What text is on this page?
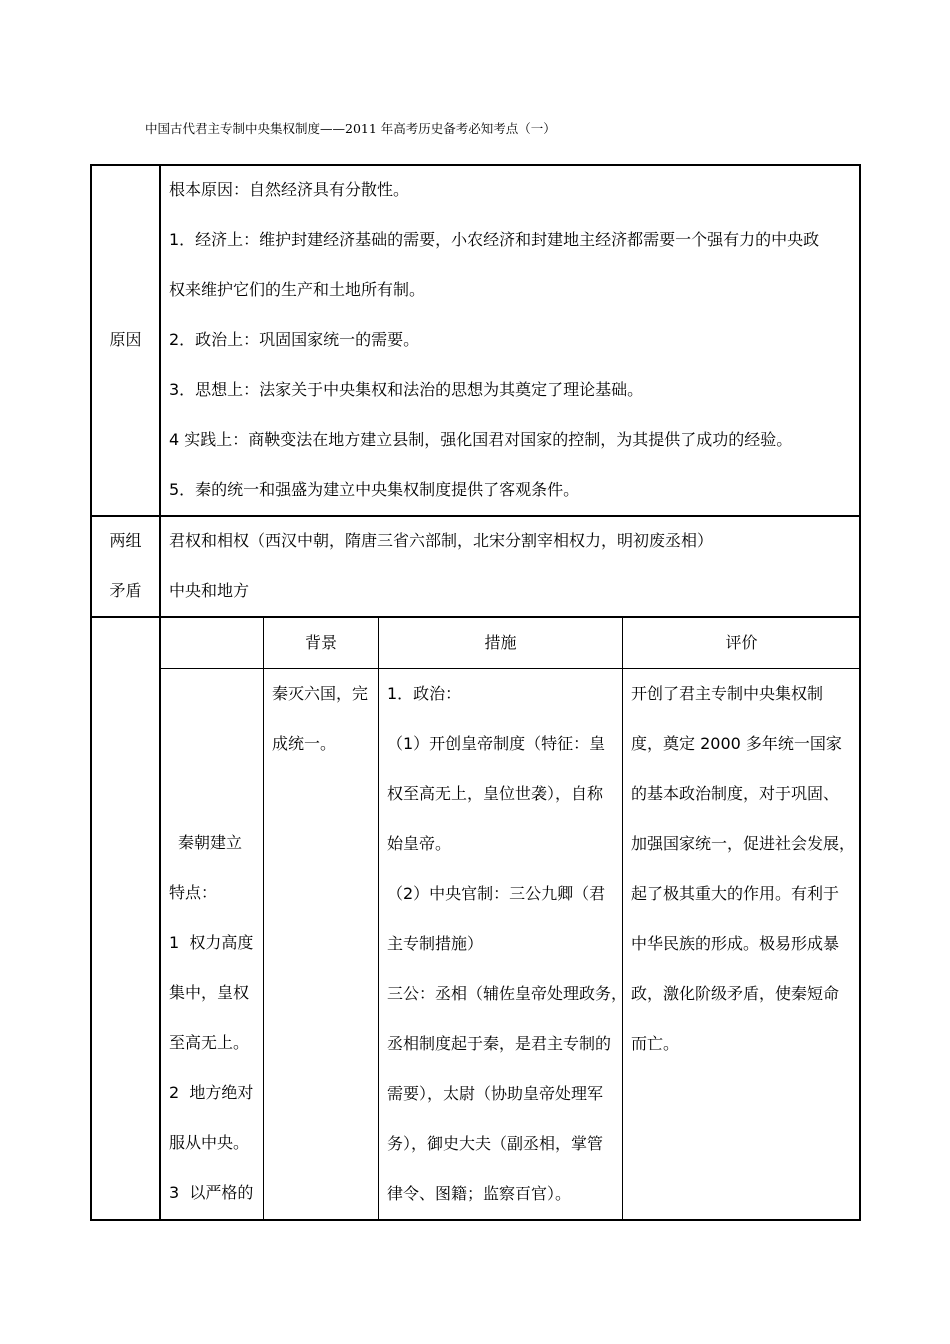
中国古代君主专制中央集权制度——2011 年高考历史备考必知考点（一）
原因
根本原因：自然经济具有分散性。
1．经济上：维护封建经济基础的需要，小农经济和封建地主经济都需要一个强有力的中央政
权来维护它们的生产和土地所有制。
2．政治上：巩固国家统一的需要。
3．思想上：法家关于中央集权和法治的思想为其奠定了理论基础。
4 实践上：商鞅变法在地方建立县制，强化国君对国家的控制，为其提供了成功的经验。
5．秦的统一和强盛为建立中央集权制度提供了客观条件。
两组
矛盾
君权和相权（西汉中朝，隋唐三省六部制，北宋分割宰相权力，明初废丞相）
中央和地方
背景	措施	评价
秦朝建立
特点：
1  权力高度
集中，皇权
至高无上。
2  地方绝对
服从中央。
3  以严格的
秦灭六国，完
成统一。
1．政治：
（1）开创皇帝制度（特征：皇
权至高无上，皇位世袭），自称
始皇帝。
（2）中央官制：三公九卿（君
主专制措施）
三公：丞相（辅佐皇帝处理政务，
丞相制度起于秦，是君主专制的
需要），太尉（协助皇帝处理军
务），御史大夫（副丞相，掌管
律令、图籍；监察百官）。
开创了君主专制中央集权制
度，奠定 2000 多年统一国家
的基本政治制度，对于巩固、
加强国家统一，促进社会发展，
起了极其重大的作用。有利于
中华民族的形成。极易形成暴
政，激化阶级矛盾，使秦短命
而亡。
